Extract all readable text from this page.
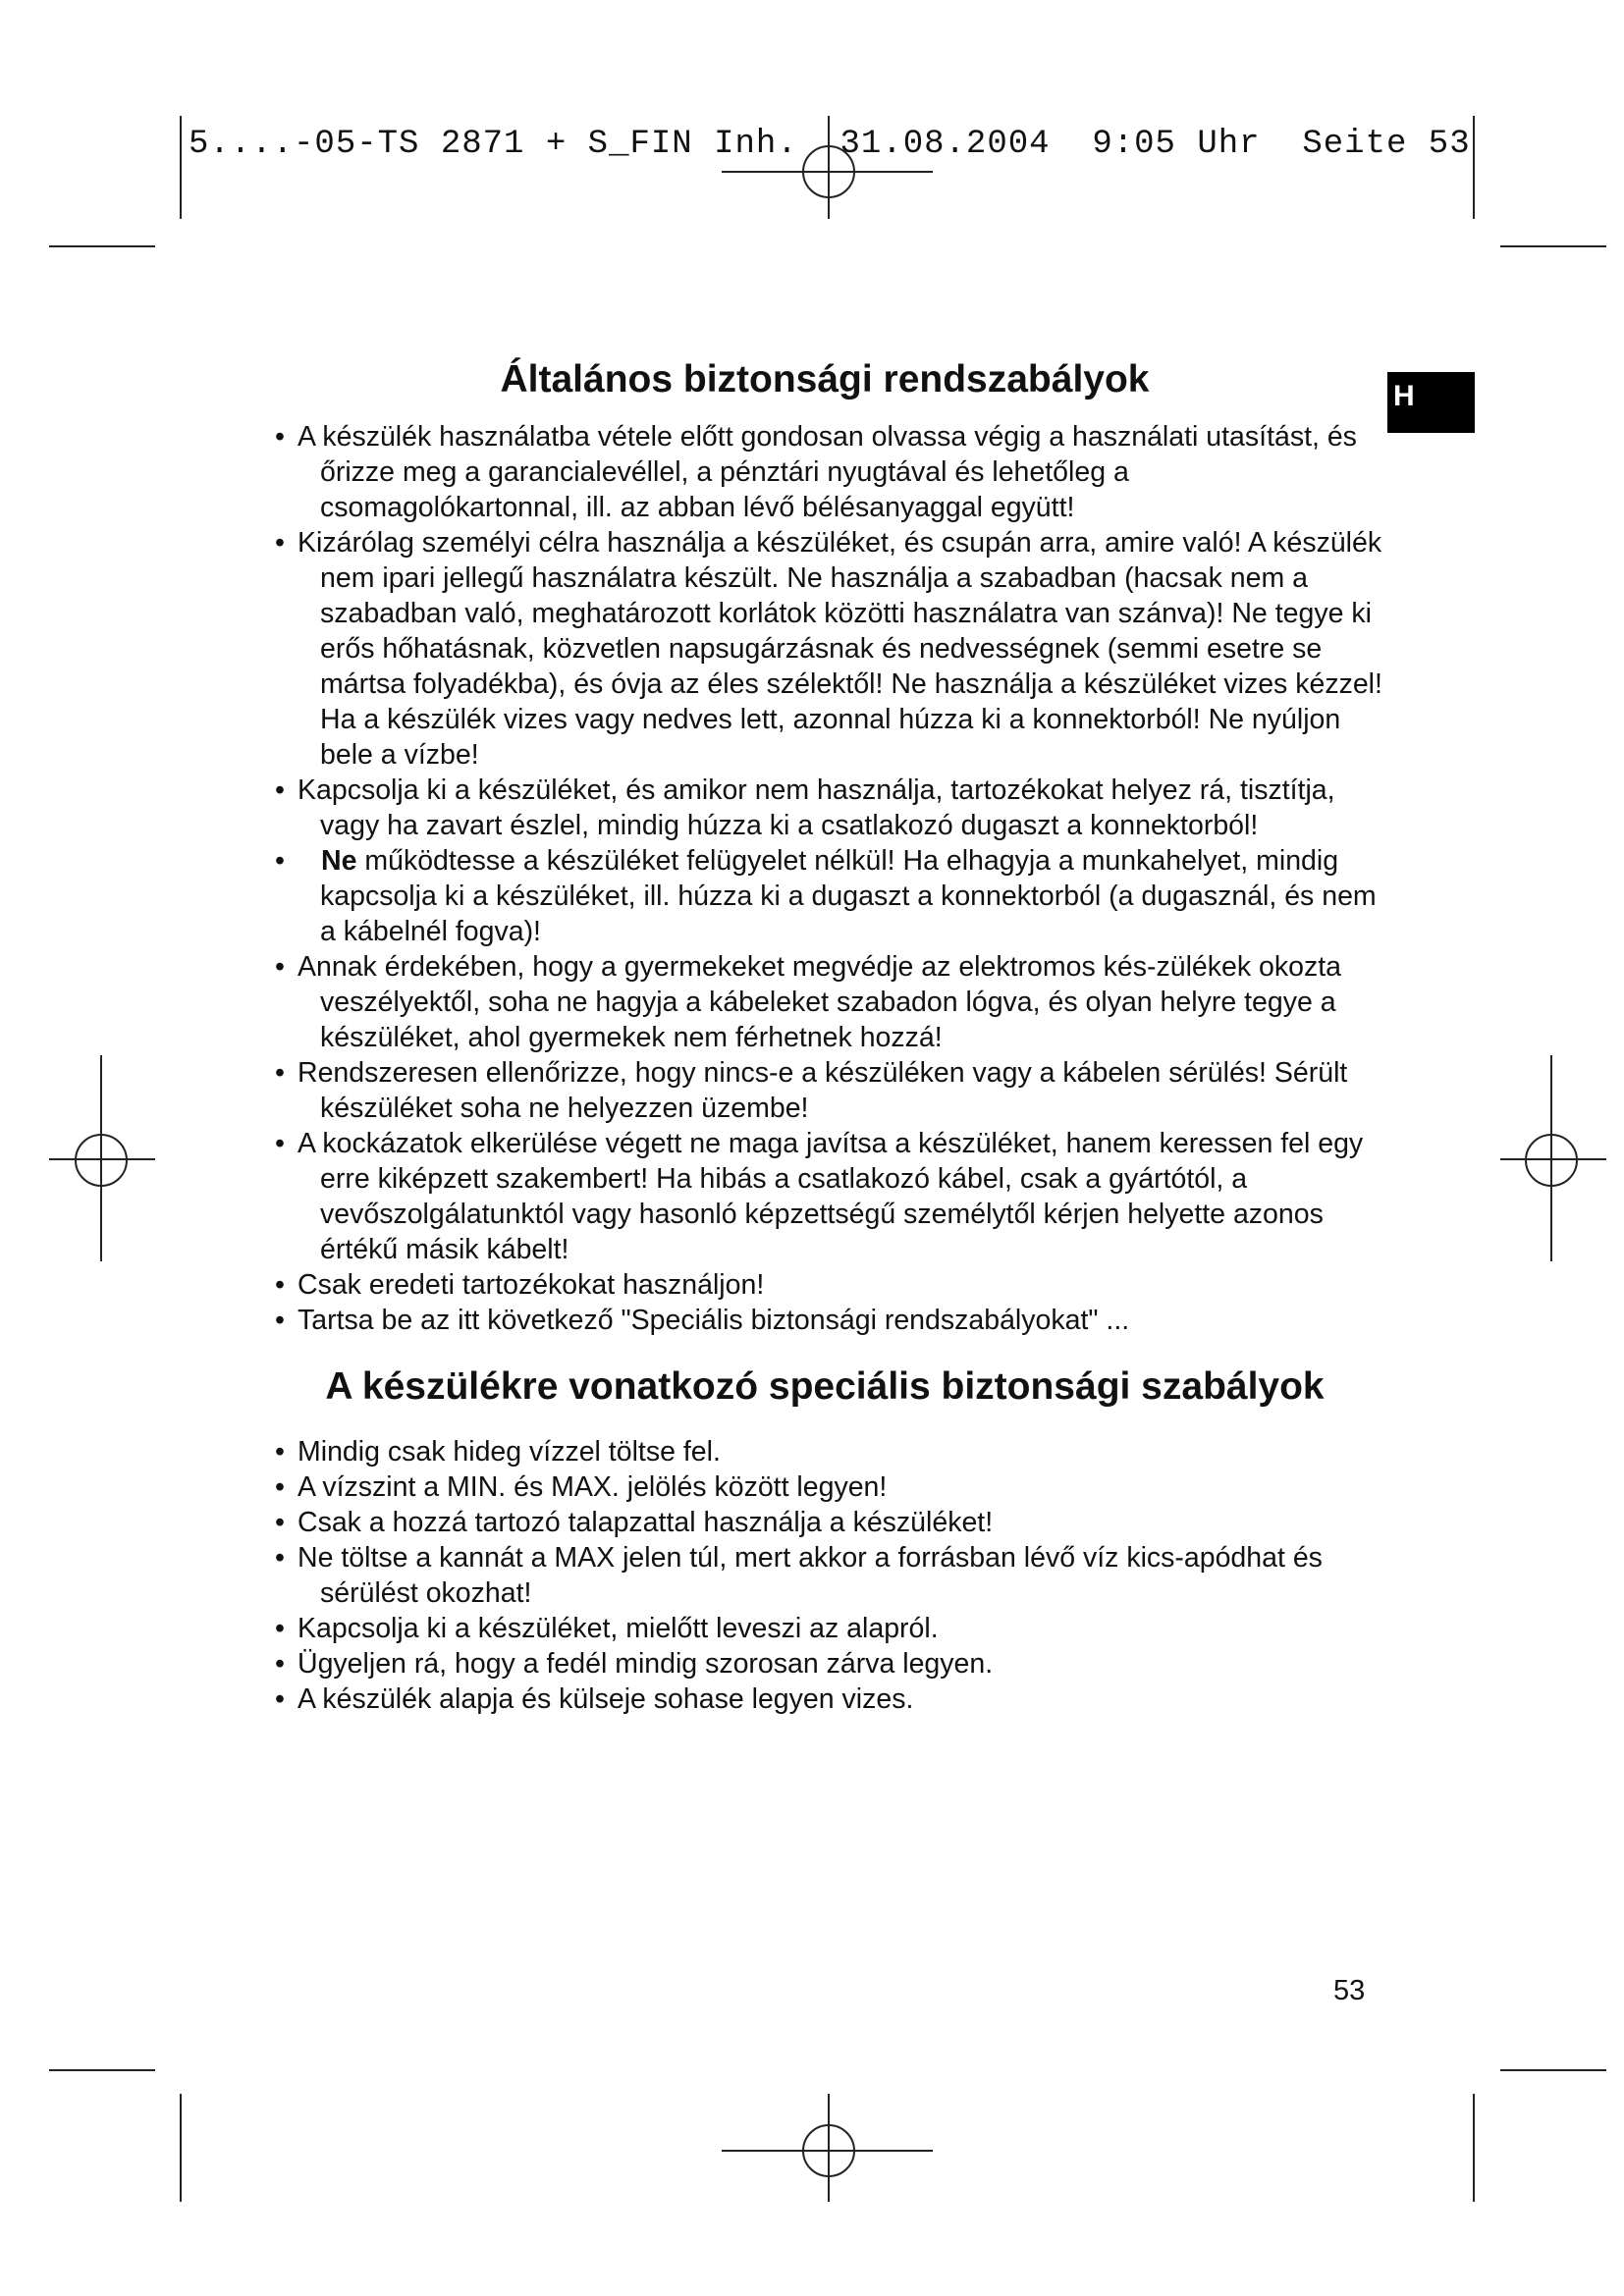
5....-05-TS 2871 + S_FIN Inh.  31.08.2004  9:05 Uhr  Seite 53
H
Általános biztonsági rendszabályok
• A készülék használatba vétele előtt gondosan olvassa végig a használati utasítást, és őrizze meg a garancialevéllel, a pénztári nyugtával és lehetőleg a csomagolókartonnal, ill. az abban lévő bélésanyaggal együtt!
• Kizárólag személyi célra használja a készüléket, és csupán arra, amire való! A készülék nem ipari jellegű használatra készült. Ne használja a szabadban (hacsak nem a szabadban való, meghatározott korlátok közötti használatra van szánva)! Ne tegye ki erős hőhatásnak, közvetlen napsugárzásnak és nedvességnek (semmi esetre se mártsa folyadékba), és óvja az éles szélektől! Ne használja a készüléket vizes kézzel! Ha a készülék vizes vagy nedves lett, azonnal húzza ki a konnektorból! Ne nyúljon bele a vízbe!
• Kapcsolja ki a készüléket, és amikor nem használja, tartozékokat helyez rá, tisztítja, vagy ha zavart észlel, mindig húzza ki a csatlakozó dugaszt a konnektorból!
• Ne működtesse a készüléket felügyelet nélkül! Ha elhagyja a munkahelyet, mindig kapcsolja ki a készüléket, ill. húzza ki a dugaszt a konnektorból (a dugasznál, és nem a kábelnél fogva)!
• Annak érdekében, hogy a gyermekeket megvédje az elektromos kés-zülékek okozta veszélyektől, soha ne hagyja a kábeleket szabadon lógva, és olyan helyre tegye a készüléket, ahol gyermekek nem férhetnek hozzá!
• Rendszeresen ellenőrizze, hogy nincs-e a készüléken vagy a kábelen sérülés! Sérült készüléket soha ne helyezzen üzembe!
• A kockázatok elkerülése végett ne maga javítsa a készüléket, hanem keressen fel egy erre kiképzett szakembert! Ha hibás a csatlakozó kábel, csak a gyártótól, a vevőszolgálatunktól vagy hasonló képzettségű személytől kérjen helyette azonos értékű másik kábelt!
• Csak eredeti tartozékokat használjon!
• Tartsa be az itt következő "Speciális biztonsági rendszabályokat" ...
A készülékre vonatkozó speciális biztonsági szabályok
• Mindig csak hideg vízzel töltse fel.
• A vízszint a MIN. és MAX. jelölés között legyen!
• Csak a hozzá tartozó talapzattal használja a készüléket!
• Ne töltse a kannát a MAX jelen túl, mert akkor a forrásban lévő víz kics-apódhat és sérülést okozhat!
• Kapcsolja ki a készüléket, mielőtt leveszi az alapról.
• Ügyeljen rá, hogy a fedél mindig szorosan zárva legyen.
• A készülék alapja és külseje sohase legyen vizes.
53
